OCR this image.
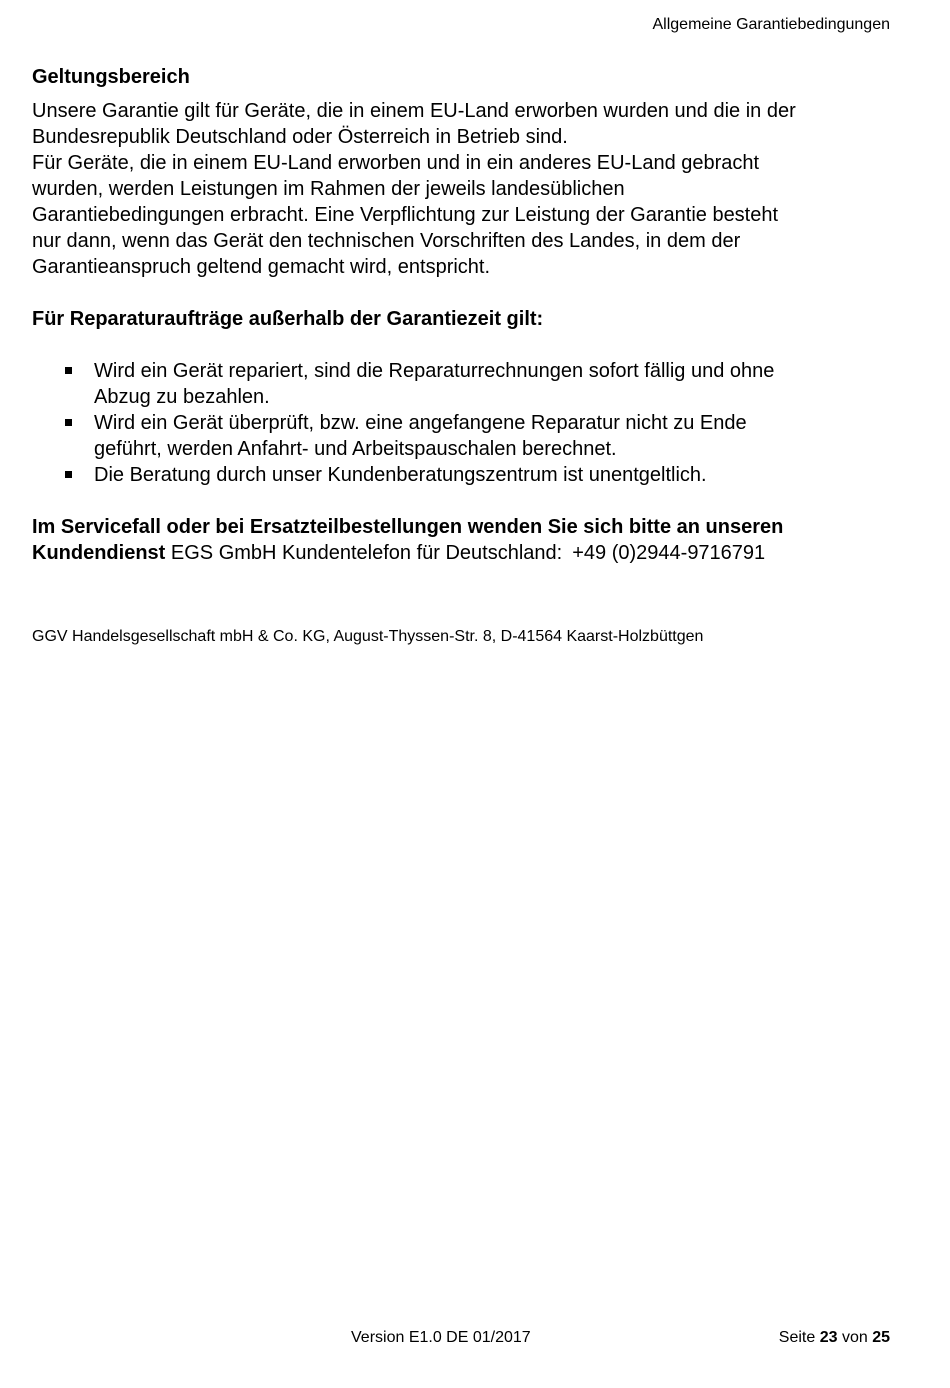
Allgemeine Garantiebedingungen
Geltungsbereich
Unsere Garantie gilt für Geräte, die in einem EU-Land erworben wurden und die in der
Bundesrepublik Deutschland oder Österreich in Betrieb sind.
Für Geräte, die in einem EU-Land erworben und in ein anderes EU-Land gebracht
wurden, werden Leistungen im Rahmen der jeweils landesüblichen
Garantiebedingungen erbracht. Eine Verpflichtung zur Leistung der Garantie besteht
nur dann, wenn das Gerät den technischen Vorschriften des Landes, in dem der
Garantieanspruch geltend gemacht wird, entspricht.
Für Reparaturaufträge außerhalb der Garantiezeit gilt:
Wird ein Gerät repariert, sind die Reparaturrechnungen sofort fällig und ohne
Abzug zu bezahlen.
Wird ein Gerät überprüft, bzw. eine angefangene Reparatur nicht zu Ende
geführt, werden Anfahrt- und Arbeitspauschalen berechnet.
Die Beratung durch unser Kundenberatungszentrum ist unentgeltlich.
Im Servicefall oder bei Ersatzteilbestellungen wenden Sie sich bitte an unseren
Kundendienst EGS GmbH Kundentelefon für Deutschland: +49 (0)2944-9716791
GGV Handelsgesellschaft mbH & Co. KG, August-Thyssen-Str. 8, D-41564 Kaarst-Holzbüttgen
Version E1.0 DE 01/2017	Seite 23 von 25
